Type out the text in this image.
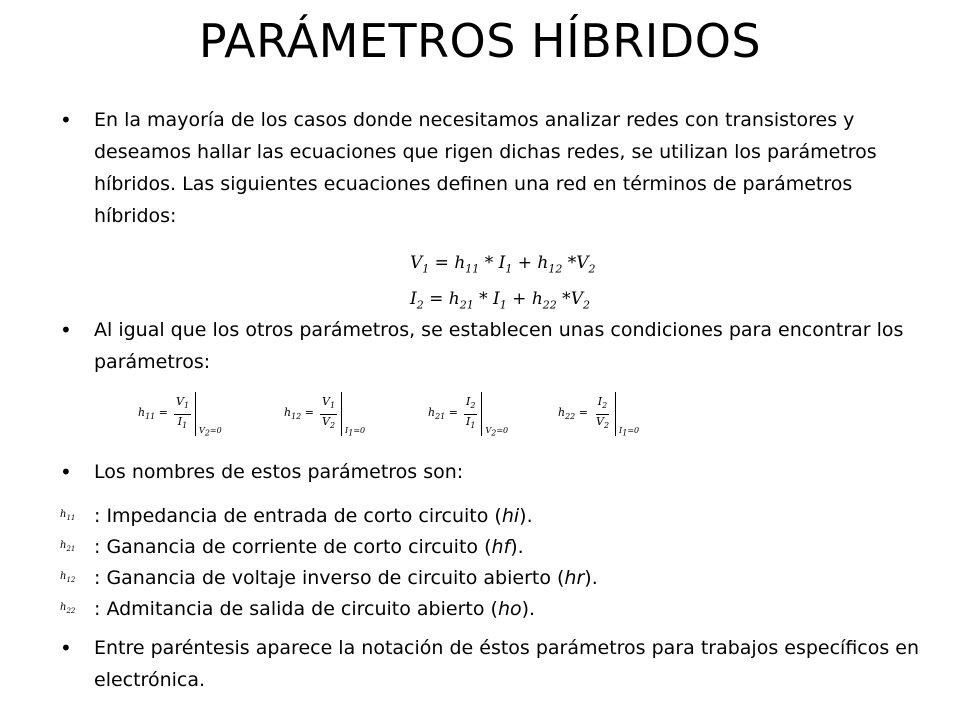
PARÁMETROS HÍBRIDOS
•	En la mayoría de los casos donde necesitamos analizar redes con transistores y deseamos hallar las ecuaciones que rigen dichas redes, se utilizan los parámetros híbridos. Las siguientes ecuaciones definen una red en términos de parámetros híbridos:
$V_1 = h_{11} * I_1 + h_{12}$ $*V_2$
$I_2 = h_{21} * I_1 + h_{22}$ $*V_2$
•	Al igual que los otros parámetros, se establecen unas condiciones para encontrar los parámetros:
$h_{11} = \frac{V_1}{I_1} V_2=0$
$h_{12} = \frac{V_1}{V_2} I_1=0$
$h_{21} = \frac{I_2}{I_1} V_2=0$
$h_{22} = \frac{I_2}{V_2} I_1=0$
•	Los nombres de estos parámetros son:
$h_{11}$ : Impedancia de entrada de corto circuito (hi).
$h_{21}$ : Ganancia de corriente de corto circuito (hf).
$h_{12}$ : Ganancia de voltaje inverso de circuito abierto (hr).
$h_{22}$ : Admitancia de salida de circuito abierto (ho).
•	Entre paréntesis aparece la notación de éstos parámetros para trabajos específicos en electrónica.
